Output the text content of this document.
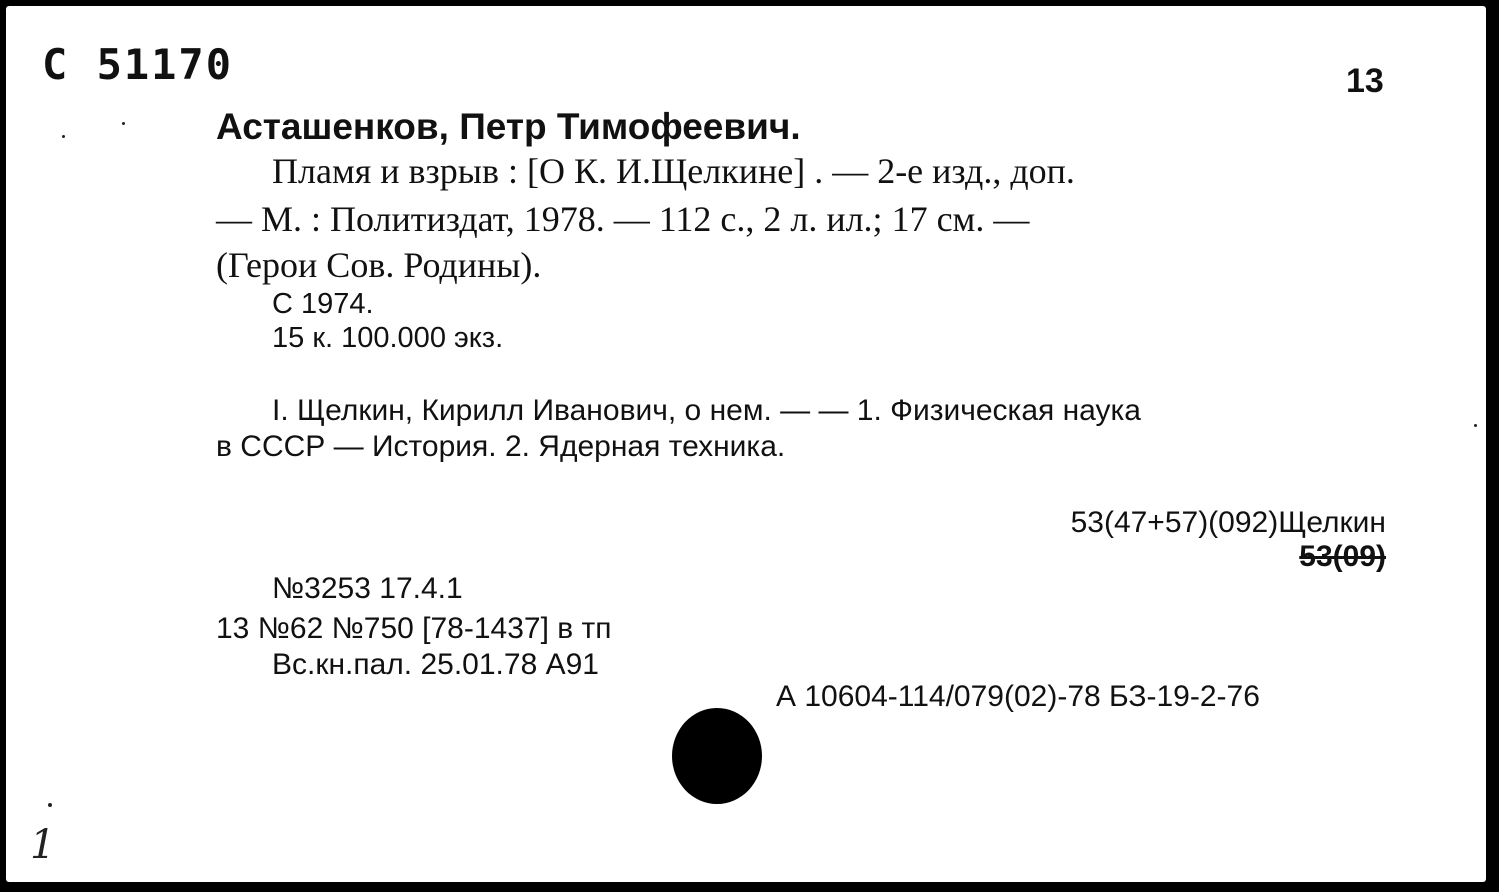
С 51170	13
Асташенков, Петр Тимофеевич.
Пламя и взрыв : [О К. И.Щелкине] . — 2-е изд., доп.
— М. : Политиздат, 1978. — 112 с., 2 л. ил.; 17 см. —
(Герои Сов. Родины).
С 1974.
15 к. 100.000 экз.
I. Щелкин, Кирилл Иванович, о нем. — — 1. Физическая наука
в СССР — История. 2. Ядерная техника.
53(47+57)(092)Щелкин
53(09)
№3253 17.4.1
13 №62 №750 [78-1437] в тп
Вс.кн.пал. 25.01.78 А91
А 10604-114/079(02)-78 БЗ-19-2-76
1
